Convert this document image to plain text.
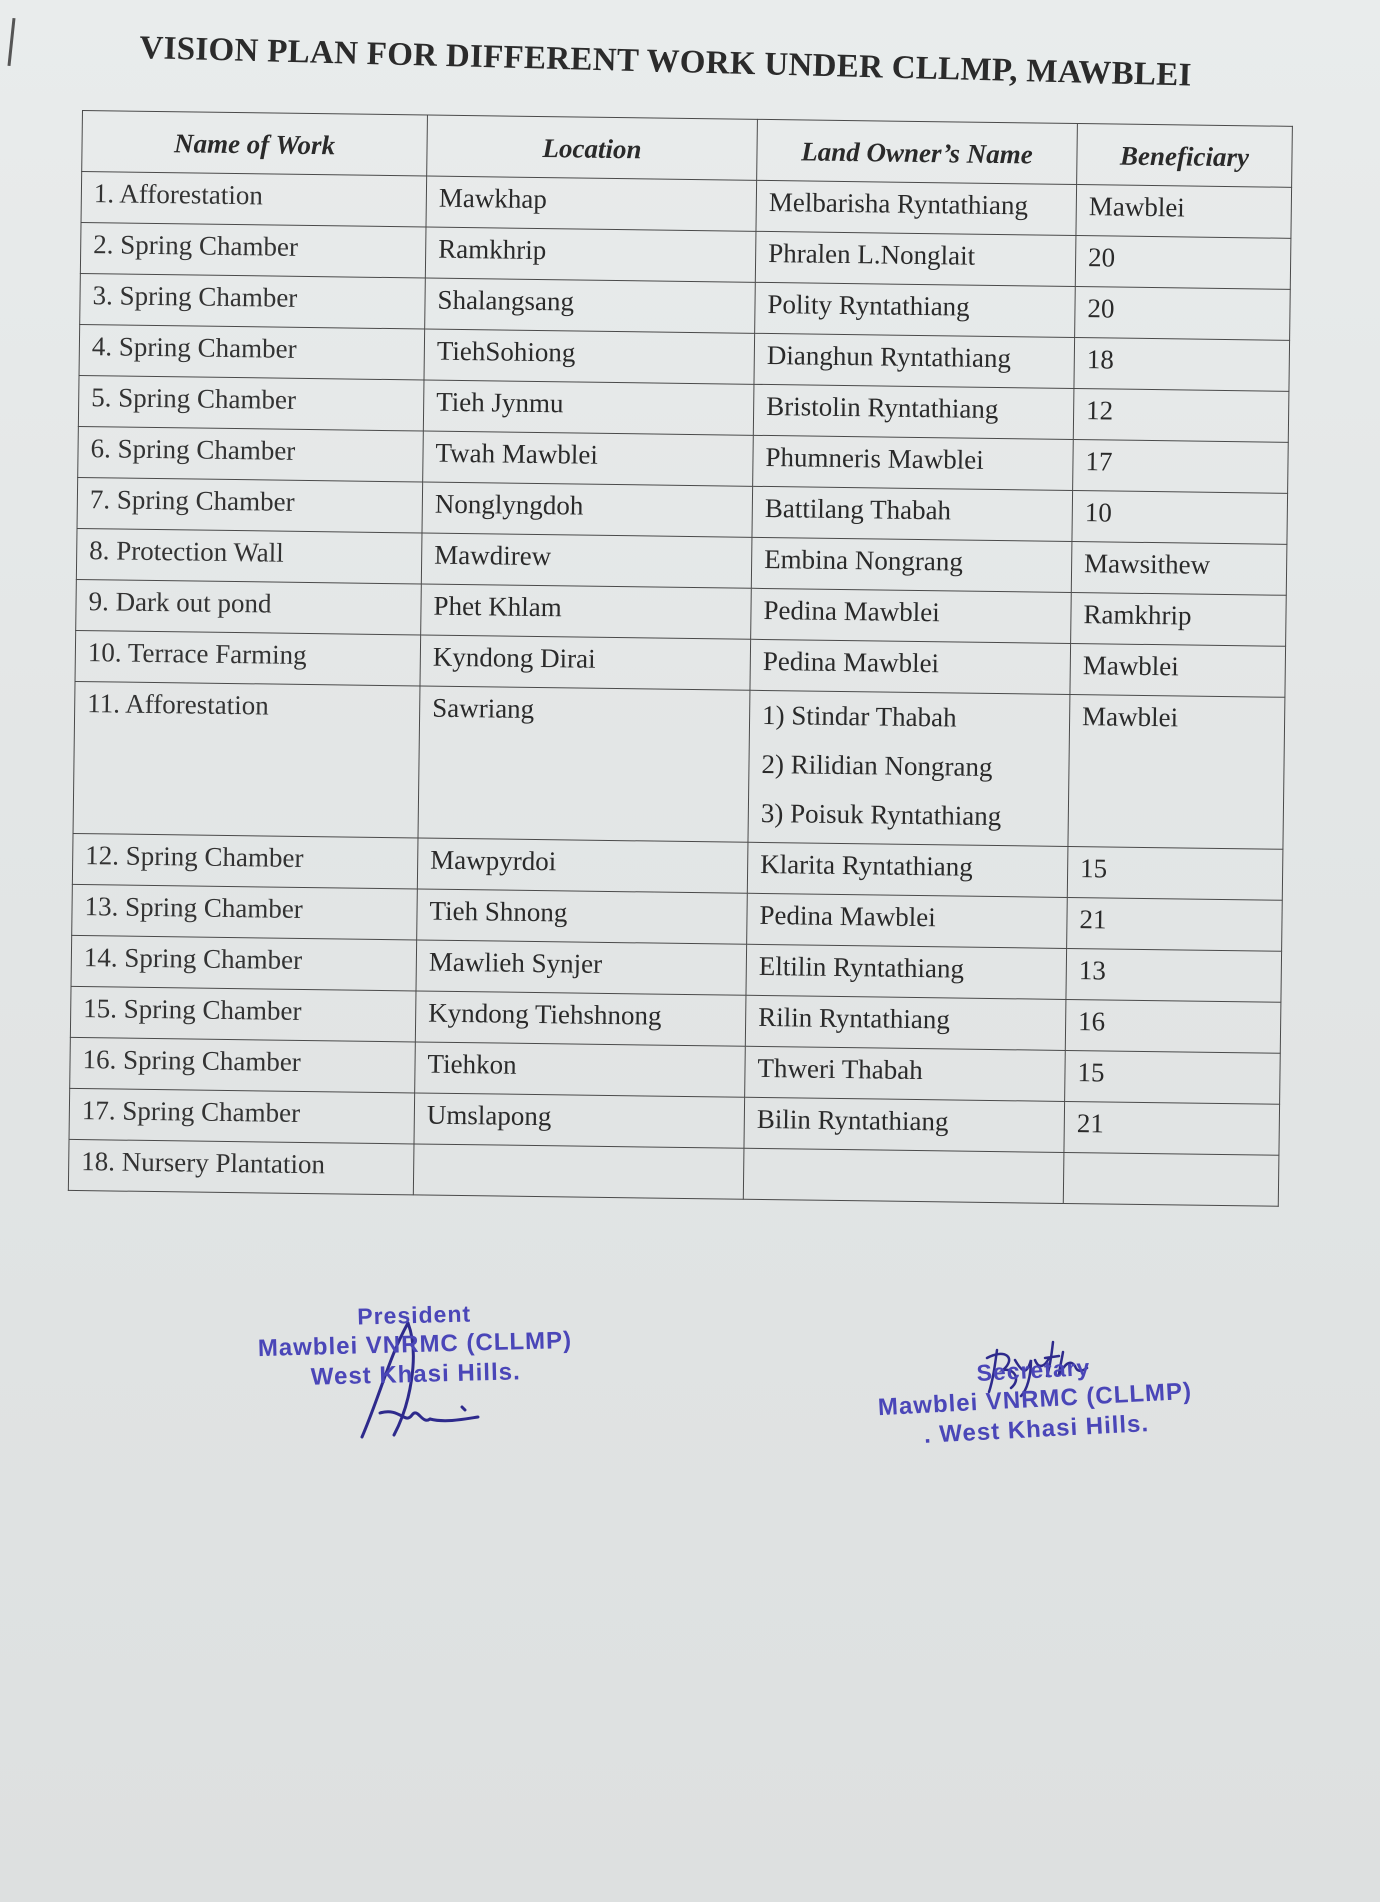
VISION PLAN FOR DIFFERENT WORK UNDER CLLMP, MAWBLEI
Name of Work	Location	Land Owner’s Name	Beneficiary
1. Afforestation	Mawkhap	Melbarisha Ryntathiang	Mawblei
2. Spring Chamber	Ramkhrip	Phralen L.Nonglait	20
3. Spring Chamber	Shalangsang	Polity Ryntathiang	20
4. Spring Chamber	TiehSohiong	Dianghun Ryntathiang	18
5. Spring Chamber	Tieh Jynmu	Bristolin Ryntathiang	12
6. Spring Chamber	Twah Mawblei	Phumneris Mawblei	17
7. Spring Chamber	Nonglyngdoh	Battilang Thabah	10
8. Protection Wall	Mawdirew	Embina Nongrang	Mawsithew
9. Dark out pond	Phet Khlam	Pedina Mawblei	Ramkhrip
10. Terrace Farming	Kyndong Dirai	Pedina Mawblei	Mawblei
11. Afforestation	Sawriang	1) Stindar Thabah
2) Rilidian Nongrang
3) Poisuk Ryntathiang	Mawblei
12. Spring Chamber	Mawpyrdoi	Klarita Ryntathiang	15
13. Spring Chamber	Tieh Shnong	Pedina Mawblei	21
14. Spring Chamber	Mawlieh Synjer	Eltilin Ryntathiang	13
15. Spring Chamber	Kyndong Tiehshnong	Rilin Ryntathiang	16
16. Spring Chamber	Tiehkon	Thweri Thabah	15
17. Spring Chamber	Umslapong	Bilin Ryntathiang	21
18. Nursery Plantation			
President
Mawblei VNRMC (CLLMP)
West Khasi Hills.	Secretary
Mawblei VNRMC (CLLMP)
. West Khasi Hills.
